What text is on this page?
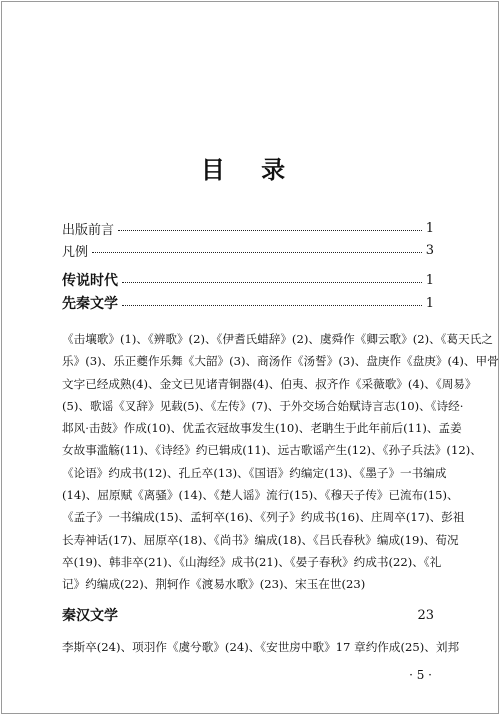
目 录
出版前言	1
凡例	3
传说时代	1
先秦文学	1
《击壤歌》(1)、《辨歌》(2)、《伊耆氏蜡辞》(2)、虞舜作《卿云歌》(2)、《葛天氏之
乐》(3)、乐正夔作乐舞《大韶》(3)、商汤作《汤誓》(3)、盘庚作《盘庚》(4)、甲骨
文字已经成熟(4)、金文已见诸青铜器(4)、伯夷、叔齐作《采薇歌》(4)、《周易》
(5)、歌谣《叉辞》见载(5)、《左传》(7)、于外交场合始赋诗言志(10)、《诗经·
邶风·击鼓》作成(10)、优孟衣冠故事发生(10)、老聃生于此年前后(11)、孟姜
女故事滥觞(11)、《诗经》约已辑成(11)、远古歌谣产生(12)、《孙子兵法》(12)、
《论语》约成书(12)、孔丘卒(13)、《国语》约编定(13)、《墨子》一书编成
(14)、屈原赋《离骚》(14)、《楚人谣》流行(15)、《穆天子传》已流布(15)、
《孟子》一书编成(15)、孟轲卒(16)、《列子》约成书(16)、庄周卒(17)、彭祖
长寿神话(17)、屈原卒(18)、《尚书》编成(18)、《吕氏春秋》编成(19)、荀况
卒(19)、韩非卒(21)、《山海经》成书(21)、《晏子春秋》约成书(22)、《礼
记》约编成(22)、荆轲作《渡易水歌》(23)、宋玉在世(23)
秦汉文学	23
李斯卒(24)、项羽作《虞兮歌》(24)、《安世房中歌》17 章约作成(25)、刘邦
· 5 ·
